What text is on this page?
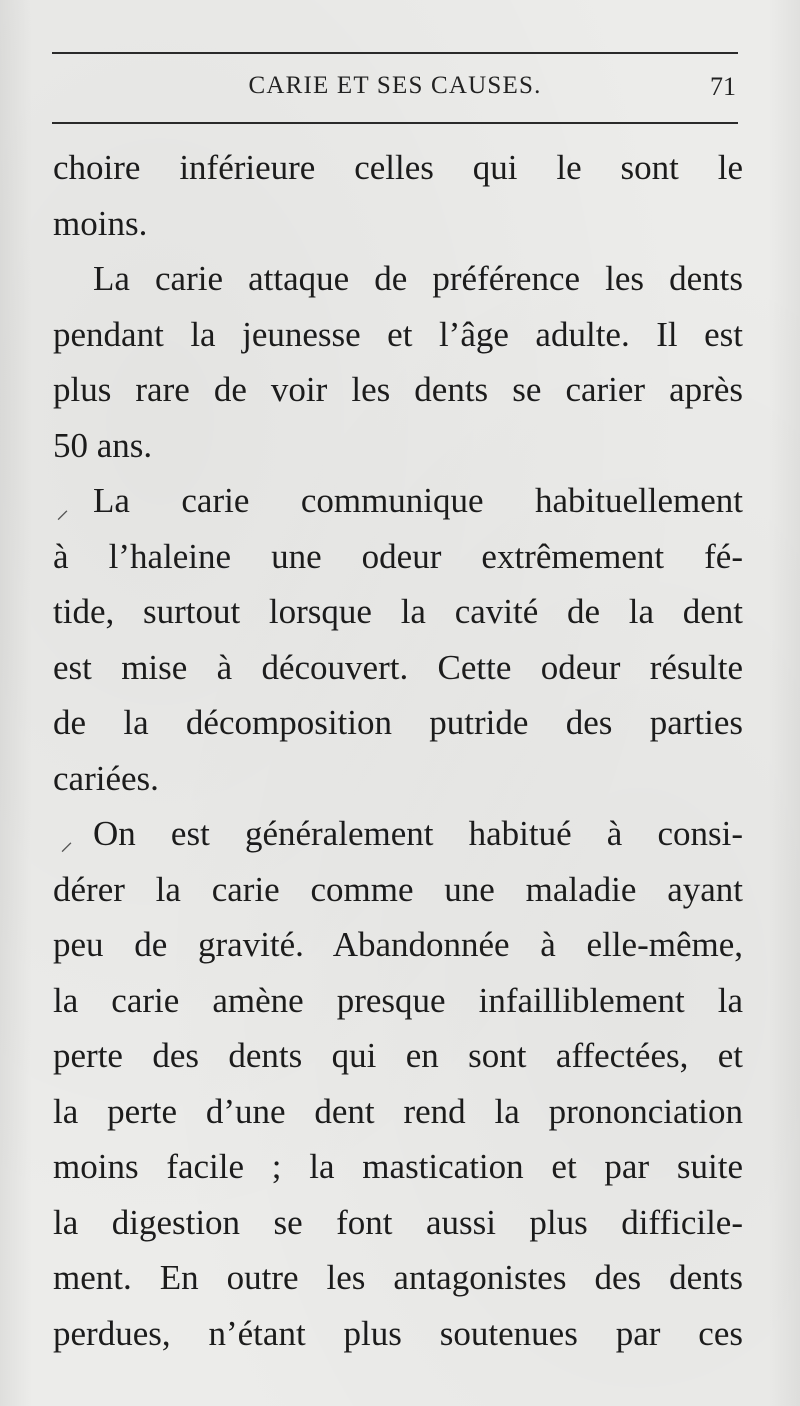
CARIE ET SES CAUSES.	71
⸝
⸝
choire inférieure celles qui le sont le
moins.
La carie attaque de préférence les dents
pendant la jeunesse et l’âge adulte. Il est
plus rare de voir les dents se carier après
50 ans.
La carie communique habituellement
à l’haleine une odeur extrêmement fé-
tide, surtout lorsque la cavité de la dent
est mise à découvert. Cette odeur résulte
de la décomposition putride des parties
cariées.
On est généralement habitué à consi-
dérer la carie comme une maladie ayant
peu de gravité. Abandonnée à elle-même,
la carie amène presque infailliblement la
perte des dents qui en sont affectées, et
la perte d’une dent rend la prononciation
moins facile ; la mastication et par suite
la digestion se font aussi plus difficile-
ment. En outre les antagonistes des dents
perdues, n’étant plus soutenues par ces
